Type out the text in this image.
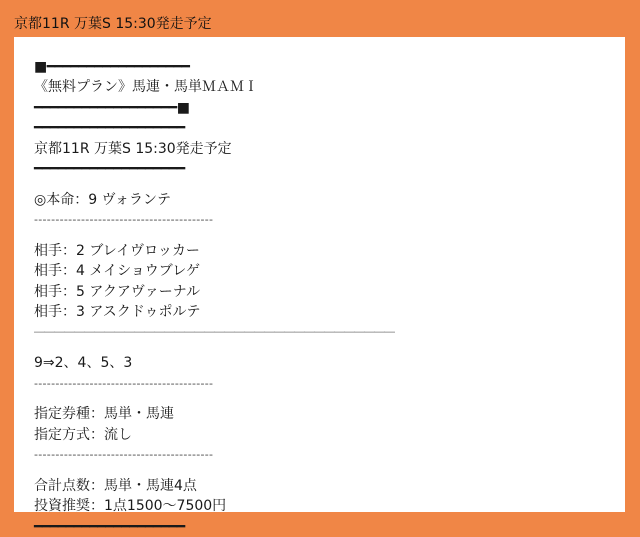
京都11R 万葉S 15:30発走予定
■━━━━━━━━━━━━━━━━━━
《無料プラン》馬連・馬単ＭＡＭＩ
━━━━━━━━━━━━━━━━━━■
━━━━━━━━━━━━━━━━━━━
京都11R 万葉S 15:30発走予定
━━━━━━━━━━━━━━━━━━━
◎本命：9 ヴォランテ
------------------------------------------
相手：2 ブレイヴロッカー
相手：4 メイショウブレゲ
相手：5 アクアヴァーナル
相手：3 アスクドゥポルテ
――――――――――――――――――――――――――――――――――――
9⇒2、4、5、3
------------------------------------------
指定券種：馬単・馬連
指定方式：流し
------------------------------------------
合計点数：馬単・馬連4点
投資推奨：1点1500〜7500円
━━━━━━━━━━━━━━━━━━━
